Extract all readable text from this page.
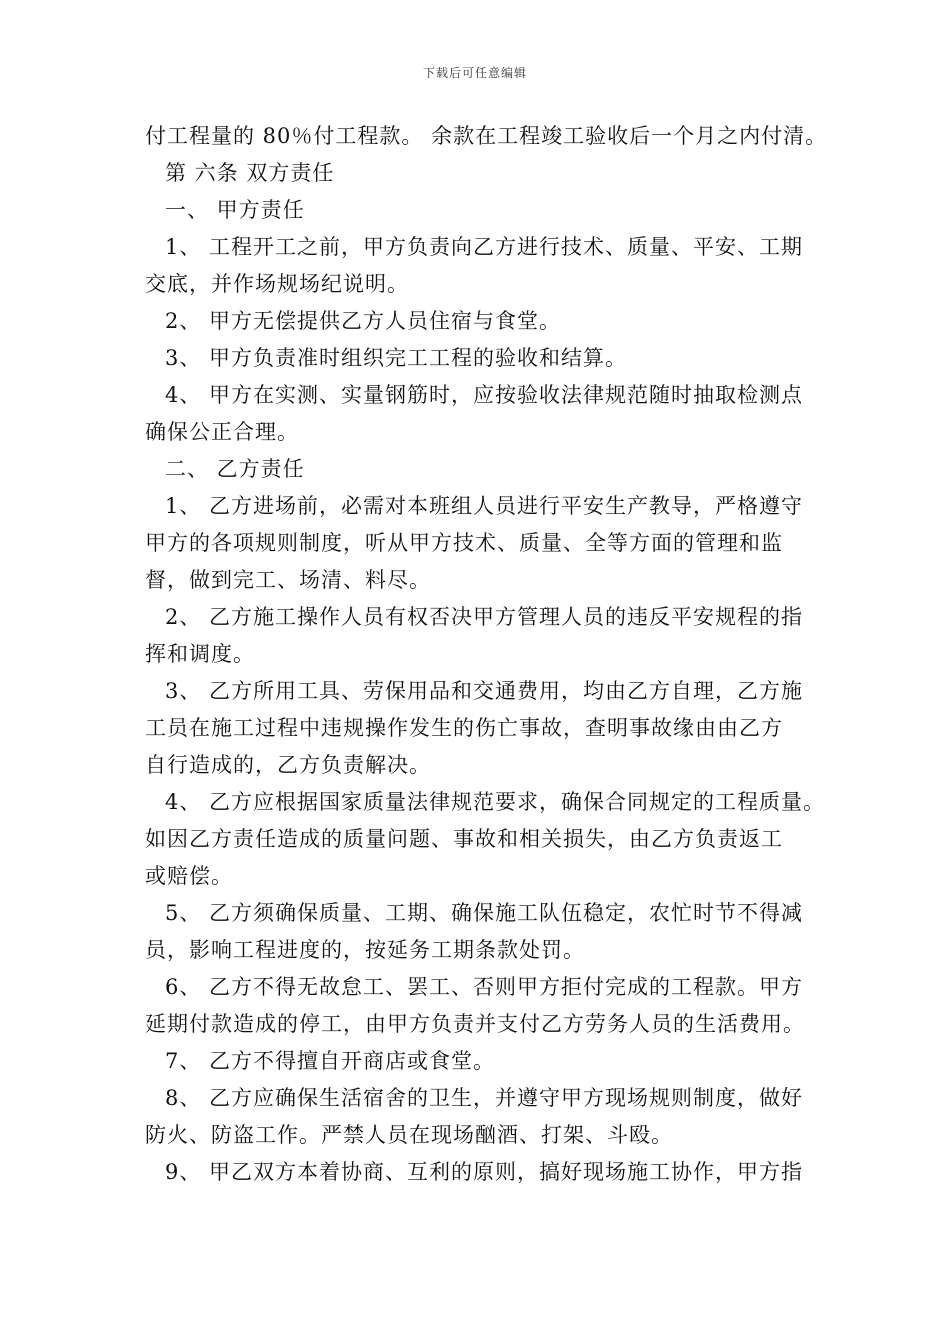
下载后可任意编辑
付工程量的 80％付工程款。 余款在工程竣工验收后一个月之内付清。
第 六条 双方责任
一、 甲方责任
1、 工程开工之前，甲方负责向乙方进行技术、质量、平安、工期
交底，并作场规场纪说明。
2、 甲方无偿提供乙方人员住宿与食堂。
3、 甲方负责准时组织完工工程的验收和结算。
4、 甲方在实测、实量钢筋时，应按验收法律规范随时抽取检测点
确保公正合理。
二、 乙方责任
1、 乙方进场前，必需对本班组人员进行平安生产教导，严格遵守
甲方的各项规则制度，听从甲方技术、质量、全等方面的管理和监
督，做到完工、场清、料尽。
2、 乙方施工操作人员有权否决甲方管理人员的违反平安规程的指
挥和调度。
3、 乙方所用工具、劳保用品和交通费用，均由乙方自理，乙方施
工员在施工过程中违规操作发生的伤亡事故，查明事故缘由由乙方
自行造成的，乙方负责解决。
4、 乙方应根据国家质量法律规范要求，确保合同规定的工程质量。
如因乙方责任造成的质量问题、事故和相关损失，由乙方负责返工
或赔偿。
5、 乙方须确保质量、工期、确保施工队伍稳定，农忙时节不得减
员，影响工程进度的，按延务工期条款处罚。
6、 乙方不得无故怠工、罢工、否则甲方拒付完成的工程款。甲方
延期付款造成的停工，由甲方负责并支付乙方劳务人员的生活费用。
7、 乙方不得擅自开商店或食堂。
8、 乙方应确保生活宿舍的卫生，并遵守甲方现场规则制度，做好
防火、防盗工作。严禁人员在现场酗酒、打架、斗殴。
9、 甲乙双方本着协商、互利的原则，搞好现场施工协作，甲方指
